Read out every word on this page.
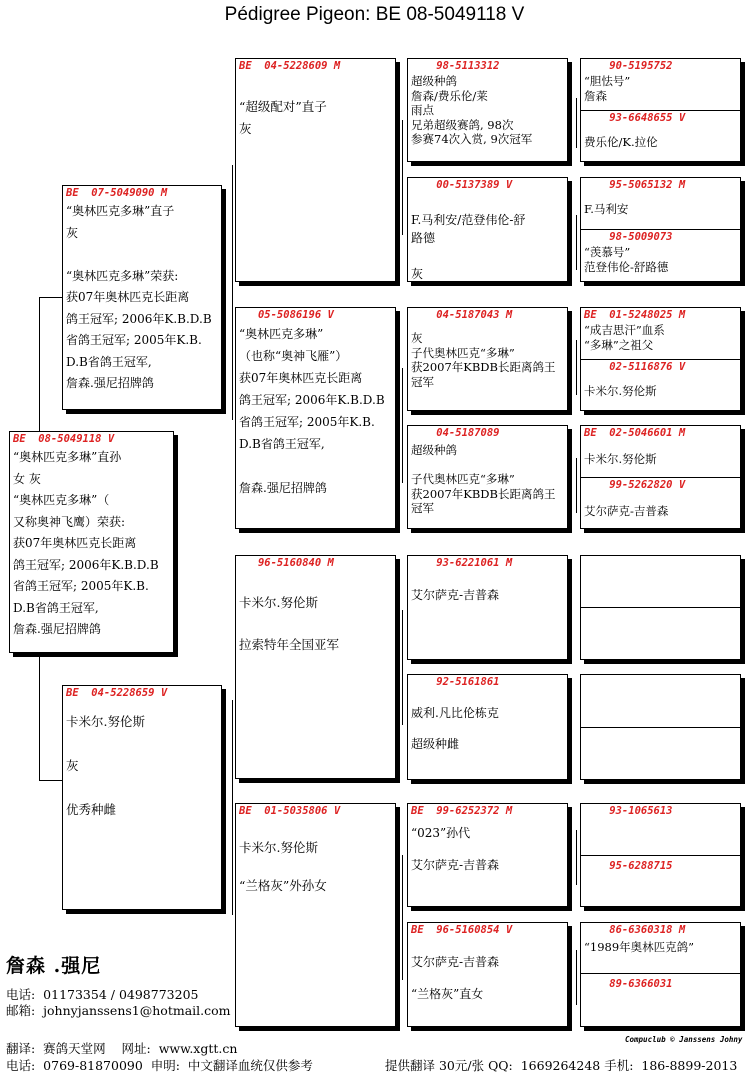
Pédigree Pigeon: BE 08-5049118 V
BE  08-5049118 V
“奥林匹克多琳”直孙
女 灰
“奥林匹克多琳”（
又称奥神飞鹰）荣获:
获07年奥林匹克长距离
鸽王冠军; 2006年K.B.D.B
省鸽王冠军; 2005年K.B.
D.B省鸽王冠军,
詹森.强尼招牌鸽
BE  07-5049090 M
“奥林匹克多琳”直子
灰

“奥林匹克多琳”荣获:
获07年奥林匹克长距离
鸽王冠军; 2006年K.B.D.B
省鸽王冠军; 2005年K.B.
D.B省鸽王冠军,
詹森.强尼招牌鸽
BE  04-5228659 V
卡米尔.努伦斯

灰

优秀种雌
BE  04-5228609 M

“超级配对”直子
灰
05-5086196 V
“奥林匹克多琳”
（也称“奥神飞雁”）
获07年奥林匹克长距离
鸽王冠军; 2006年K.B.D.B
省鸽王冠军; 2005年K.B.
D.B省鸽王冠军,

詹森.强尼招牌鸽
96-5160840 M

卡米尔.努伦斯

拉索特年全国亚军
BE  01-5035806 V

卡米尔.努伦斯

“兰格灰”外孙女
98-5113312
超级种鸽
詹森/费乐伦/莱
雨点
兄弟超级赛鸽, 98次
参赛74次入赏, 9次冠军
00-5137389 V

F.马利安/范登伟伦-舒
路德

灰
04-5187043 M
灰
子代奥林匹克“多琳”
获2007年KBDB长距离鸽王
冠军
04-5187089
超级种鸽

子代奥林匹克“多琳”
获2007年KBDB长距离鸽王
冠军
93-6221061 M

艾尔萨克-吉普森
92-5161861

威利.凡比伦栋克

超级种雌
BE  99-6252372 M
“023”孙代

艾尔萨克-吉普森
BE  96-5160854 V

艾尔萨克-吉普森

“兰格灰”直女
90-5195752
“胆怯号”
詹森
93-6648655 V

费乐伦/K.拉伦
95-5065132 M

F.马利安
98-5009073
“羡慕号”
范登伟伦-舒路德
BE  01-5248025 M
“成吉思汗”血系
“多琳”之祖父
02-5116876 V

卡米尔.努伦斯
BE  02-5046601 M

卡米尔.努伦斯
99-5262820 V

艾尔萨克-吉普森
93-1065613
95-6288715
86-6360318 M
“1989年奥林匹克鸽”
89-6366031
詹森 .强尼
电话:  01173354 / 0498773205
邮箱:  johnyjanssens1@hotmail.com
Compuclub © Janssens Johny
翻译:  赛鸽天堂网    网址:  www.xgtt.cn
电话:  0769-81870090  申明:  中文翻译血统仅供参考	提供翻译 30元/张 QQ:  1669264248 手机:  186-8899-2013
